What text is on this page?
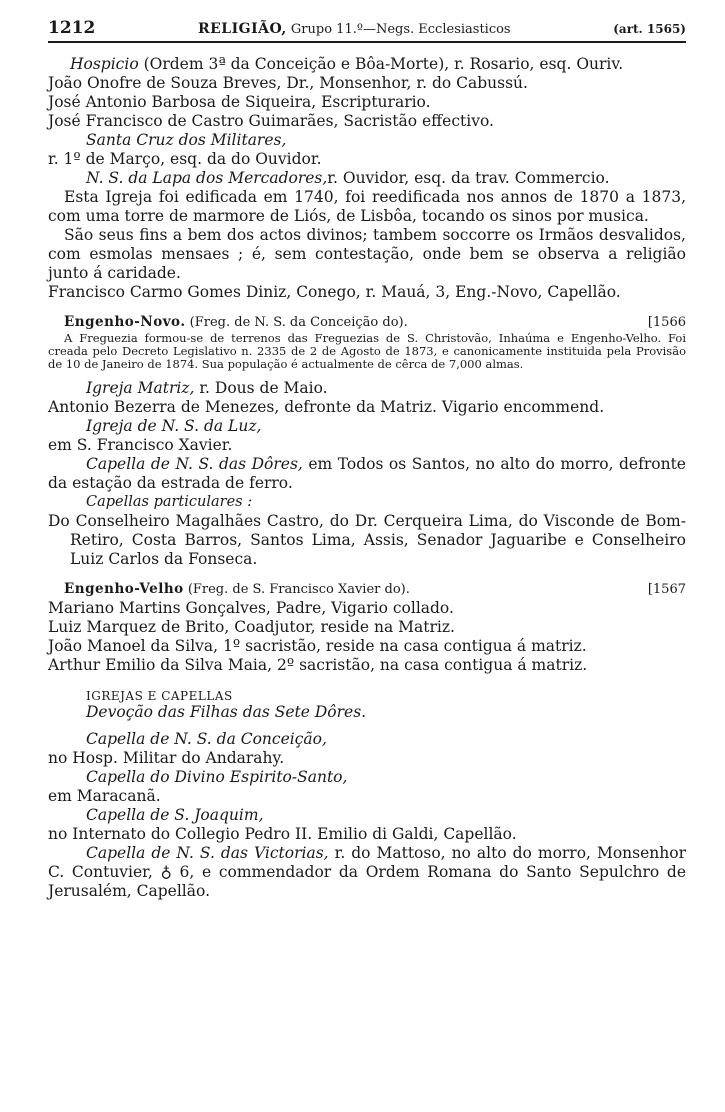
1212	RELIGIÃO, Grupo 11.º—Negs. Ecclesiasticos	(art. 1565)

Hospicio (Ordem 3ª da Conceição e Bôa-Morte), r. Rosario, esq. Ouriv.

João Onofre de Souza Breves, Dr., Monsenhor, r. do Cabussú.

José Antonio Barbosa de Siqueira, Escripturario.

José Francisco de Castro Guimarães, Sacristão effectivo.

Santa Cruz dos Militares,

r. 1º de Março, esq. da do Ouvidor.

N. S. da Lapa dos Mercadores,r. Ouvidor, esq. da trav. Commercio.

Esta Igreja foi edificada em 1740, foi reedificada nos annos de 1870 a 1873, com uma torre de marmore de Liós, de Lisbôa, tocando os sinos por musica.

São seus fins a bem dos actos divinos; tambem soccorre os Irmãos desvalidos, com esmolas mensaes ; é, sem contestação, onde bem se observa a religião junto á caridade.

Francisco Carmo Gomes Diniz, Conego, r. Mauá, 3, Eng.-Novo, Capellão.

Engenho-Novo. (Freg. de N. S. da Conceição do).	[1566

A Freguezia formou-se de terrenos das Freguezias de S. Christovão, Inhaúma e Engenho-Velho. Foi creada pelo Decreto Legislativo n. 2335 de 2 de Agosto de 1873, e canonicamente instituida pela Provisão de 10 de Janeiro de 1874. Sua população é actualmente de cêrca de 7,000 almas.

Igreja Matriz, r. Dous de Maio.

Antonio Bezerra de Menezes, defronte da Matriz. Vigario encommend.

Igreja de N. S. da Luz,

em S. Francisco Xavier.

Capella de N. S. das Dôres, em Todos os Santos, no alto do morro, defronte da estação da estrada de ferro.

Capellas particulares :

Do Conselheiro Magalhães Castro, do Dr. Cerqueira Lima, do Visconde de Bom-Retiro, Costa Barros, Santos Lima, Assis, Senador Jaguaribe e Conselheiro Luiz Carlos da Fonseca.

Engenho-Velho (Freg. de S. Francisco Xavier do).	[1567

Mariano Martins Gonçalves, Padre, Vigario collado.

Luiz Marquez de Brito, Coadjutor, reside na Matriz.

João Manoel da Silva, 1º sacristão, reside na casa contigua á matriz.

Arthur Emilio da Silva Maia, 2º sacristão, na casa contigua á matriz.

IGREJAS E CAPELLAS

Devoção das Filhas das Sete Dôres.

Capella de N. S. da Conceição,

no Hosp. Militar do Andarahy.

Capella do Divino Espirito-Santo,

em Maracanã.

Capella de S. Joaquim,

no Internato do Collegio Pedro II. Emilio di Galdi, Capellão.

Capella de N. S. das Victorias, r. do Mattoso, no alto do morro, Monsenhor C. Contuvier, ♁ 6, e commendador da Ordem Romana do Santo Sepulchro de Jerusalém, Capellão.
